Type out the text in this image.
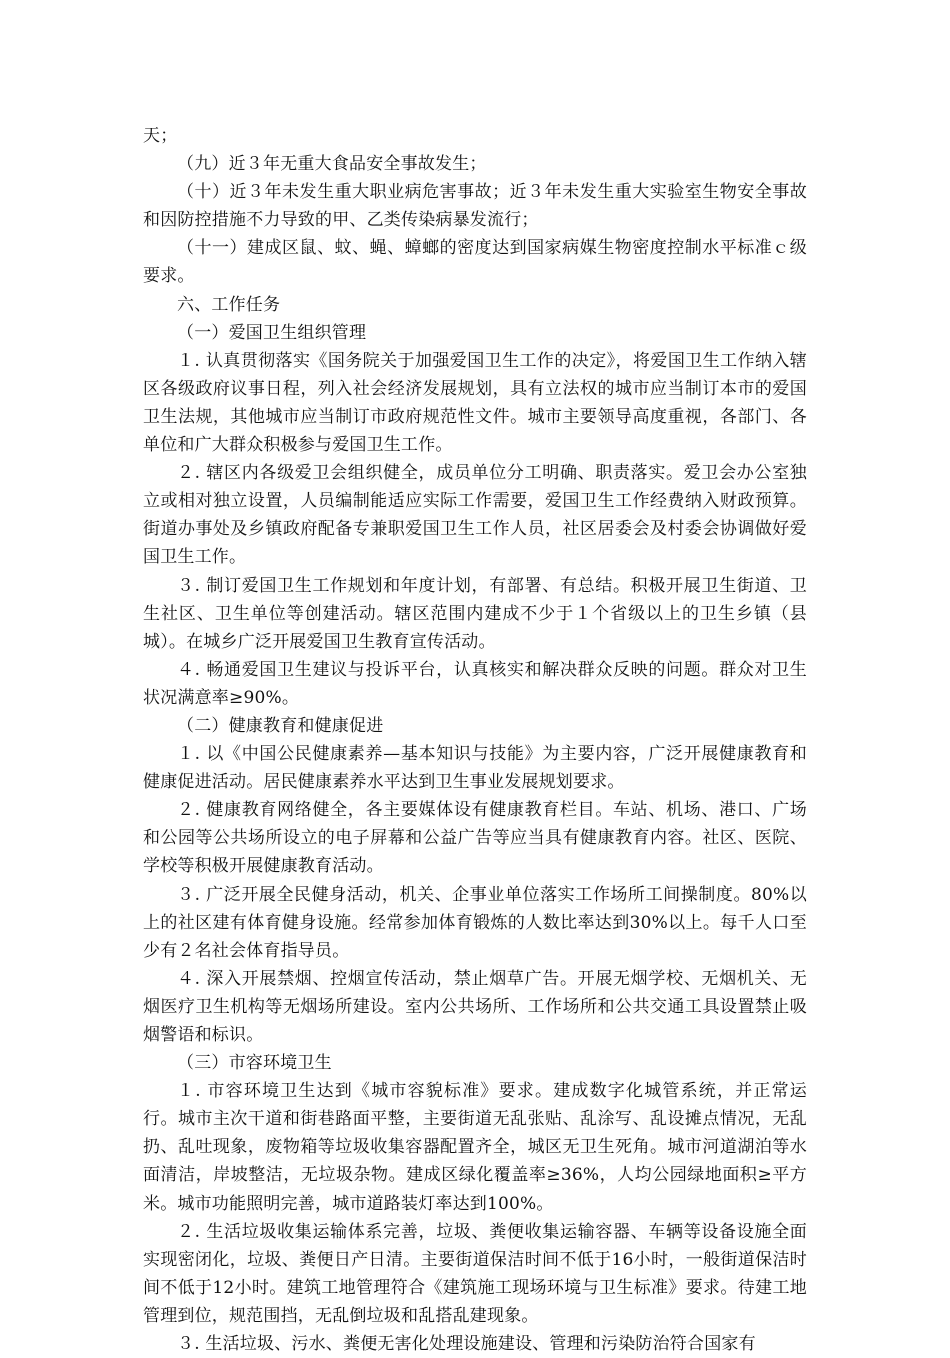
天；

（九）近３年无重大食品安全事故发生；

（十）近３年未发生重大职业病危害事故；近３年未发生重大实验室生物安全事故和因防控措施不力导致的甲、乙类传染病暴发流行；

（十一）建成区鼠、蚊、蝇、蟑螂的密度达到国家病媒生物密度控制水平标准ｃ级要求。

六、工作任务

（一）爱国卫生组织管理

１. 认真贯彻落实《国务院关于加强爱国卫生工作的决定》，将爱国卫生工作纳入辖区各级政府议事日程，列入社会经济发展规划，具有立法权的城市应当制订本市的爱国卫生法规，其他城市应当制订市政府规范性文件。城市主要领导高度重视，各部门、各单位和广大群众积极参与爱国卫生工作。

２. 辖区内各级爱卫会组织健全，成员单位分工明确、职责落实。爱卫会办公室独立或相对独立设置，人员编制能适应实际工作需要，爱国卫生工作经费纳入财政预算。街道办事处及乡镇政府配备专兼职爱国卫生工作人员，社区居委会及村委会协调做好爱国卫生工作。

３. 制订爱国卫生工作规划和年度计划，有部署、有总结。积极开展卫生街道、卫生社区、卫生单位等创建活动。辖区范围内建成不少于１个省级以上的卫生乡镇（县城）。在城乡广泛开展爱国卫生教育宣传活动。

４. 畅通爱国卫生建议与投诉平台，认真核实和解决群众反映的问题。群众对卫生状况满意率≥90%。

（二）健康教育和健康促进

１. 以《中国公民健康素养—基本知识与技能》为主要内容，广泛开展健康教育和健康促进活动。居民健康素养水平达到卫生事业发展规划要求。

２. 健康教育网络健全，各主要媒体设有健康教育栏目。车站、机场、港口、广场和公园等公共场所设立的电子屏幕和公益广告等应当具有健康教育内容。社区、医院、学校等积极开展健康教育活动。

３. 广泛开展全民健身活动，机关、企事业单位落实工作场所工间操制度。80%以上的社区建有体育健身设施。经常参加体育锻炼的人数比率达到30%以上。每千人口至少有２名社会体育指导员。

４. 深入开展禁烟、控烟宣传活动，禁止烟草广告。开展无烟学校、无烟机关、无烟医疗卫生机构等无烟场所建设。室内公共场所、工作场所和公共交通工具设置禁止吸烟警语和标识。

（三）市容环境卫生

１. 市容环境卫生达到《城市容貌标准》要求。建成数字化城管系统，并正常运行。城市主次干道和街巷路面平整，主要街道无乱张贴、乱涂写、乱设摊点情况，无乱扔、乱吐现象，废物箱等垃圾收集容器配置齐全，城区无卫生死角。城市河道湖泊等水面清洁，岸坡整洁，无垃圾杂物。建成区绿化覆盖率≥36%，人均公园绿地面积≥平方米。城市功能照明完善，城市道路装灯率达到100%。

２. 生活垃圾收集运输体系完善，垃圾、粪便收集运输容器、车辆等设备设施全面实现密闭化，垃圾、粪便日产日清。主要街道保洁时间不低于16小时，一般街道保洁时间不低于12小时。建筑工地管理符合《建筑施工现场环境与卫生标准》要求。待建工地管理到位，规范围挡，无乱倒垃圾和乱搭乱建现象。

３. 生活垃圾、污水、粪便无害化处理设施建设、管理和污染防治符合国家有
